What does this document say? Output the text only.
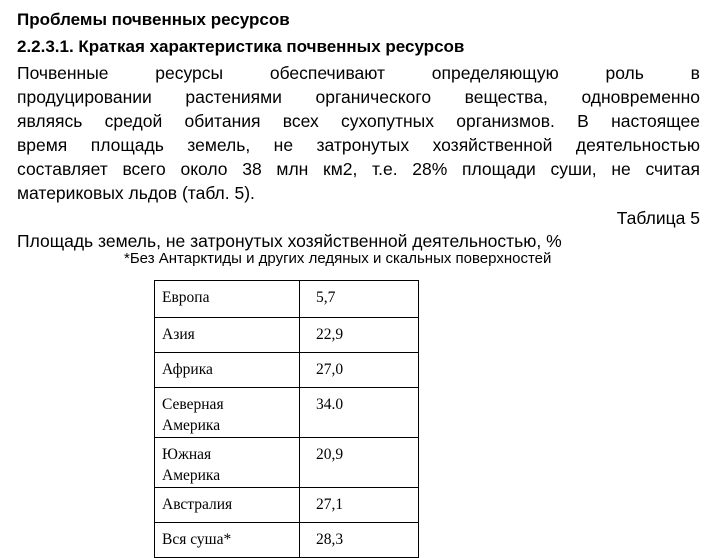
Проблемы почвенных ресурсов
2.2.3.1. Краткая характеристика почвенных ресурсов
Почвенные	ресурсы	обеспечивают	определяющую	роль	в
продуцировании растениями органического вещества, одновременно
являясь средой обитания всех сухопутных организмов. В настоящее
время площадь земель, не затронутых хозяйственной деятельностью
составляет всего около 38 млн км2, т.е. 28% площади суши, не считая
материковых льдов (табл. 5).
Таблица 5
Площадь земель, не затронутых хозяйственной деятельностью, %
*Без Антарктиды и других ледяных и скальных поверхностей
Европа	5,7
Азия	22,9
Африка	27,0
Северная
Америка	34.0
Южная
Америка	20,9
Австралия	27,1
Вся суша*	28,3
